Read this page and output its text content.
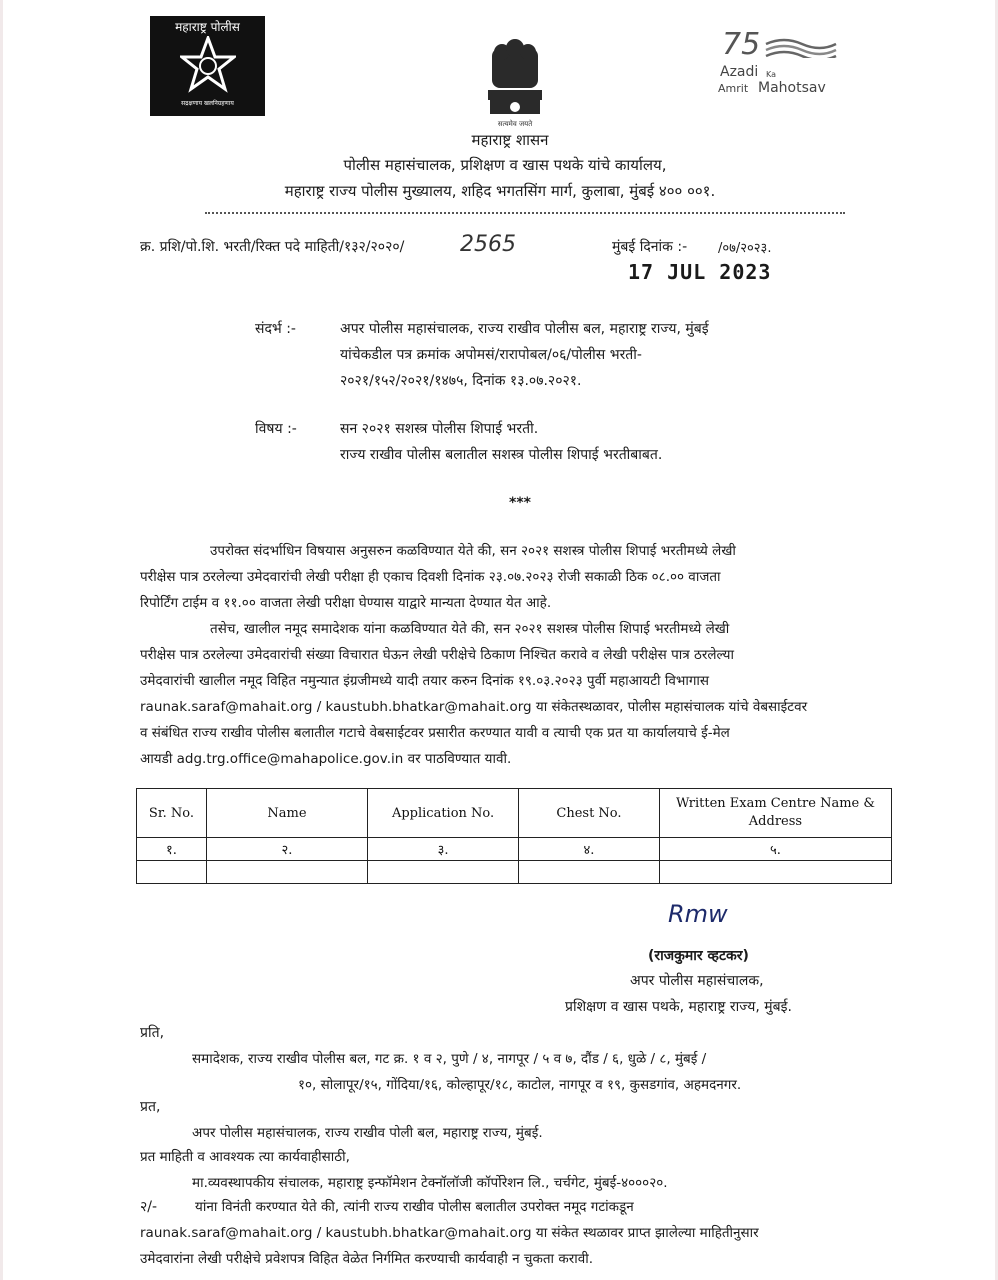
महाराष्ट्र पोलीस
सद्रक्षणाय खलनिग्रहणाय
सत्यमेव जयते
75
Azadi Ka
Amrit Mahotsav
महाराष्ट्र शासन
पोलीस महासंचालक, प्रशिक्षण व खास पथके यांचे कार्यालय,
महाराष्ट्र राज्य पोलीस मुख्यालय, शहिद भगतसिंग मार्ग, कुलाबा, मुंबई ४०० ००१.
क्र. प्रशि/पो.शि. भरती/रिक्त पदे माहिती/१३२/२०२०/	2565	मुंबई दिनांक :- /०७/२०२३.
17 JUL 2023
संदर्भ :-	अपर पोलीस महासंचालक, राज्य राखीव पोलीस बल, महाराष्ट्र राज्य, मुंबई
यांचेकडील पत्र क्रमांक अपोमसं/रारापोबल/०६/पोलीस भरती-
२०२१/१५२/२०२१/१४७५, दिनांक १३.०७.२०२१.
विषय :-	सन २०२१ सशस्त्र पोलीस शिपाई भरती.
राज्य राखीव पोलीस बलातील सशस्त्र पोलीस शिपाई भरतीबाबत.
***
उपरोक्त संदर्भाधिन विषयास अनुसरुन कळविण्यात येते की, सन २०२१ सशस्त्र पोलीस शिपाई भरतीमध्ये लेखी
परीक्षेस पात्र ठरलेल्या उमेदवारांची लेखी परीक्षा ही एकाच दिवशी दिनांक २३.०७.२०२३ रोजी सकाळी ठिक ०८.०० वाजता
रिपोर्टिंग टाईम व ११.०० वाजता लेखी परीक्षा घेण्यास याद्वारे मान्यता देण्यात येत आहे.
तसेच, खालील नमूद समादेशक यांना कळविण्यात येते की, सन २०२१ सशस्त्र पोलीस शिपाई भरतीमध्ये लेखी
परीक्षेस पात्र ठरलेल्या उमेदवारांची संख्या विचारात घेऊन लेखी परीक्षेचे ठिकाण निश्चित करावे व लेखी परीक्षेस पात्र ठरलेल्या
उमेदवारांची खालील नमूद विहित नमुन्यात इंग्रजीमध्ये यादी तयार करुन दिनांक १९.०३.२०२३ पुर्वी महाआयटी विभागास
raunak.saraf@mahait.org / kaustubh.bhatkar@mahait.org या संकेतस्थळावर, पोलीस महासंचालक यांचे वेबसाईटवर
व संबंधित राज्य राखीव पोलीस बलातील गटाचे वेबसाईटवर प्रसारीत करण्यात यावी व त्याची एक प्रत या कार्यालयाचे ई-मेल
आयडी adg.trg.office@mahapolice.gov.in वर पाठविण्यात यावी.
Sr. No.	Name	Application No.	Chest No.	Written Exam Centre Name & Address
१.	२.	३.	४.	५.

Rmw
(राजकुमार व्हटकर)
अपर पोलीस महासंचालक,
प्रशिक्षण व खास पथके, महाराष्ट्र राज्य, मुंबई.
प्रति,
समादेशक, राज्य राखीव पोलीस बल, गट क्र. १ व २, पुणे / ४, नागपूर / ५ व ७, दौंड / ६, धुळे / ८, मुंबई /
१०, सोलापूर/१५, गोंदिया/१६, कोल्हापूर/१८, काटोल, नागपूर व १९, कुसडगांव, अहमदनगर.
प्रत,
अपर पोलीस महासंचालक, राज्य राखीव पोली बल, महाराष्ट्र राज्य, मुंबई.
प्रत माहिती व आवश्यक त्या कार्यवाहीसाठी,
मा.व्यवस्थापकीय संचालक, महाराष्ट्र इन्फॉमेशन टेक्नॉलॉजी कॉर्पोरेशन लि., चर्चगेट, मुंबई-४०००२०.
२/-	यांना विनंती करण्यात येते की, त्यांनी राज्य राखीव पोलीस बलातील उपरोक्त नमूद गटांकडून
raunak.saraf@mahait.org / kaustubh.bhatkar@mahait.org या संकेत स्थळावर प्राप्त झालेल्या माहितीनुसार
उमेदवारांना लेखी परीक्षेचे प्रवेशपत्र विहित वेळेत निर्गमित करण्याची कार्यवाही न चुकता करावी.
